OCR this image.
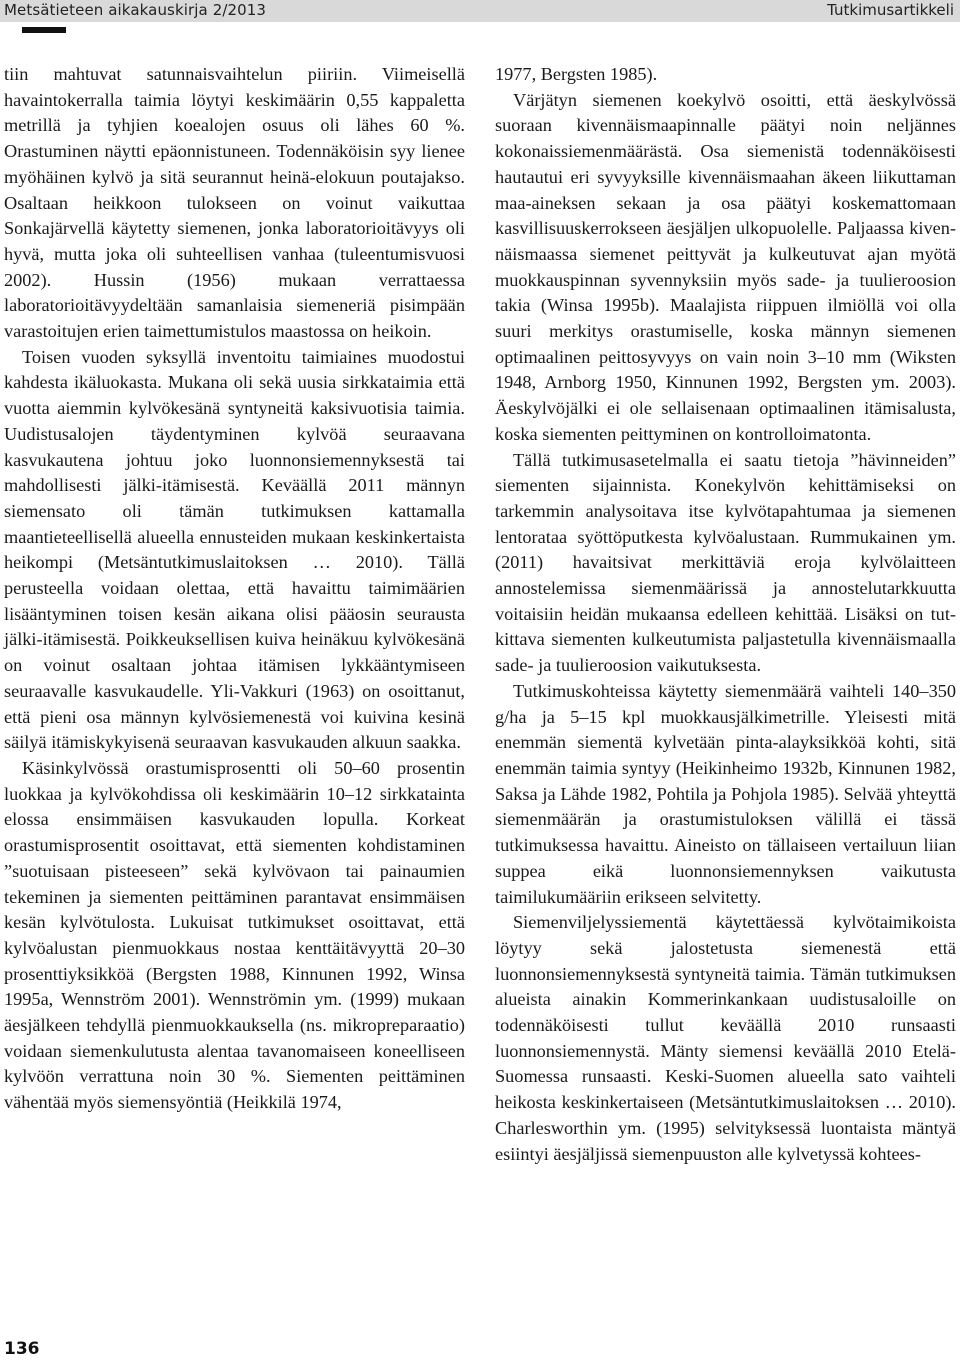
Metsätieteen aikakauskirja 2/2013	Tutkimusartikkeli

tiin mahtuvat satunnaisvaihtelun piiriin. Viimeisellä havaintokerralla taimia löytyi keskimäärin 0,55 kappaletta metrillä ja tyhjien koealojen osuus oli lähes 60 %. Orastuminen näytti epäonnistuneen. Todennäköisin syy lienee myöhäinen kylvö ja sitä seurannut heinä-elokuun poutajakso. Osaltaan heikkoon tulokseen on voinut vaikuttaa Sonkajärvellä käytetty siemenen, jonka laboratorioitävyys oli hyvä, mutta joka oli suhteellisen vanhaa (tuleentumisvuosi 2002). Hussin (1956) mukaan verrattaessa laboratorioitävyydeltään samanlaisia siemeneriä pisimpään varastoitujen erien taimettumistulos maastossa on heikoin.

Toisen vuoden syksyllä inventoitu taimiaines muodostui kahdesta ikäluokasta. Mukana oli sekä uusia sirkkataimia että vuotta aiemmin kylvökesänä syntyneitä kaksivuotisia taimia. Uudistusalojen täydentyminen kylvöä seuraavana kasvukautena johtuu joko luonnonsiemennyksestä tai mahdollisesti jälki-itämisestä. Keväällä 2011 männyn siemensato oli tämän tutkimuksen kattamalla maantieteellisellä alueella ennusteiden mukaan keskinkertaista heikompi (Metsäntutkimuslaitoksen … 2010). Tällä perusteella voidaan olettaa, että havaittu taimimäärien lisääntyminen toisen kesän aikana olisi pääosin seurausta jälki-itämisestä. Poikkeuksellisen kuiva heinäkuu kylvökesänä on voinut osaltaan johtaa itämisen lykkääntymiseen seuraavalle kasvukaudelle. Yli-Vakkuri (1963) on osoittanut, että pieni osa männyn kylvösiemenestä voi kuivina kesinä säilyä itämiskykyisenä seuraavan kasvukauden alkuun saakka.

Käsinkylvössä orastumisprosentti oli 50–60 prosentin luokkaa ja kylvökohdissa oli keskimäärin 10–12 sirkkatainta elossa ensimmäisen kasvukauden lopulla. Korkeat orastumisprosentit osoittavat, että siementen kohdistaminen ”suotuisaan pisteeseen” sekä kylvövaon tai painaumien tekeminen ja siementen peittäminen parantavat ensimmäisen kesän kylvötulosta. Lukuisat tutkimukset osoittavat, että kylvöalustan pienmuokkaus nostaa kenttäitävyyttä 20–30 prosenttiyksikköä (Bergsten 1988, Kinnunen 1992, Winsa 1995a, Wennström 2001). Wennströmin ym. (1999) mukaan äesjälkeen tehdyllä pienmuokkauksella (ns. mikropreparaatio) voidaan siemenkulutusta alentaa tavanomaiseen koneelliseen kylvöön verrattuna noin 30 %. Siementen peittäminen vähentää myös siemensyöntiä (Heikkilä 1974,

1977, Bergsten 1985).

Värjätyn siemenen koekylvö osoitti, että äeskylvössä suoraan kivennäismaapinnalle päätyi noin neljännes kokonaissiemenmäärästä. Osa siemenistä todennäköisesti hautautui eri syvyyksille kivennäismaahan äkeen liikuttaman maa-aineksen sekaan ja osa päätyi koskemattomaan kasvillisuuskerrokseen äesjäljen ulkopuolelle. Paljaassa kivennäismaassa siemenet peittyvät ja kulkeutuvat ajan myötä muokkauspinnan syvennyksiin myös sade- ja tuulieroosion takia (Winsa 1995b). Maalajista riippuen ilmiöllä voi olla suuri merkitys orastumiselle, koska männyn siemenen optimaalinen peittosyvyys on vain noin 3–10 mm (Wiksten 1948, Arnborg 1950, Kinnunen 1992, Bergsten ym. 2003). Äeskylvöjälki ei ole sellaisenaan optimaalinen itämisalusta, koska siementen peittyminen on kontrolloimatonta.

Tällä tutkimusasetelmalla ei saatu tietoja ”hävinneiden” siementen sijainnista. Konekylvön kehittämiseksi on tarkemmin analysoitava itse kylvötapahtumaa ja siemenen lentorataa syöttöputkesta kylvöalustaan. Rummukainen ym. (2011) havaitsivat merkittäviä eroja kylvölaitteen annostelemissa siemenmäärissä ja annostelutarkkuutta voitaisiin heidän mukaansa edelleen kehittää. Lisäksi on tutkittava siementen kulkeutumista paljastetulla kivennäismaalla sade- ja tuulieroosion vaikutuksesta.

Tutkimuskohteissa käytetty siemenmäärä vaihteli 140–350 g/ha ja 5–15 kpl muokkausjälkimetrille. Yleisesti mitä enemmän siementä kylvetään pinta-alayksikköä kohti, sitä enemmän taimia syntyy (Heikinheimo 1932b, Kinnunen 1982, Saksa ja Lähde 1982, Pohtila ja Pohjola 1985). Selvää yhteyttä siemenmäärän ja orastumistuloksen välillä ei tässä tutkimuksessa havaittu. Aineisto on tällaiseen vertailuun liian suppea eikä luonnonsiemennyksen vaikutusta taimilukumääriin erikseen selvitetty.

Siemenviljelyssiementä käytettäessä kylvötaimikoista löytyy sekä jalostetusta siemenestä että luonnonsiemennyksestä syntyneitä taimia. Tämän tutkimuksen alueista ainakin Kommerinkankaan uudistusaloille on todennäköisesti tullut keväällä 2010 runsaasti luonnonsiemennystä. Mänty siemensi keväällä 2010 Etelä-Suomessa runsaasti. Keski-Suomen alueella sato vaihteli heikosta keskinkertaiseen (Metsäntutkimuslaitoksen … 2010). Charlesworthin ym. (1995) selvityksessä luontaista mäntyä esiintyi äesjäljissä siemenpuuston alle kylvetyssä kohtees-

136
